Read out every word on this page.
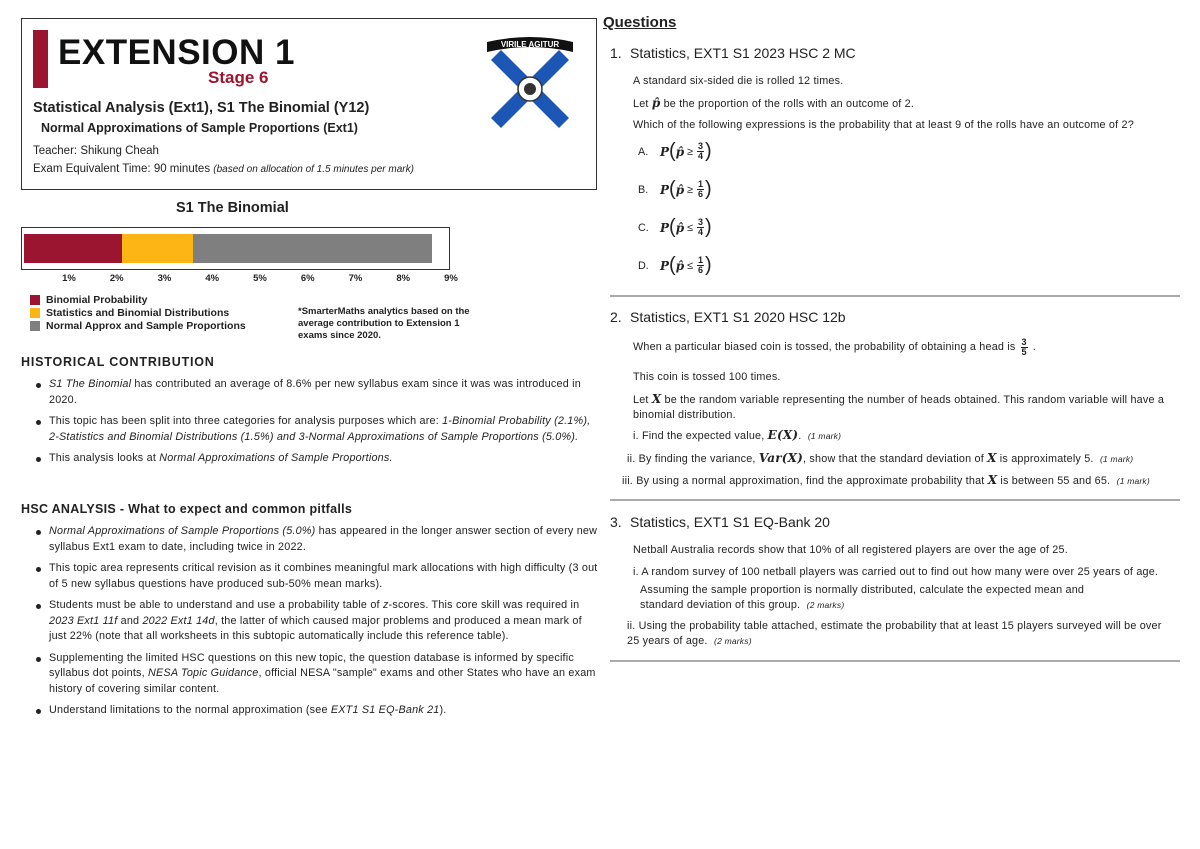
EXTENSION 1
Stage 6
Statistical Analysis (Ext1), S1 The Binomial (Y12)
Normal Approximations of Sample Proportions (Ext1)
Teacher: Shikung Cheah
Exam Equivalent Time: 90 minutes (based on allocation of 1.5 minutes per mark)
VIRILE AGITUR
S1 The Binomial
1%	2%	3%	4%	5%	6%	7%	8%	9%
Binomial Probability
Statistics and Binomial Distributions
Normal Approx and Sample Proportions
*SmarterMaths analytics based on the average contribution to Extension 1 exams since 2020.
HISTORICAL CONTRIBUTION
S1 The Binomial has contributed an average of 8.6% per new syllabus exam since it was was introduced in 2020.
This topic has been split into three categories for analysis purposes which are: 1-Binomial Probability (2.1%), 2-Statistics and Binomial Distributions (1.5%) and 3-Normal Approximations of Sample Proportions (5.0%).
This analysis looks at Normal Approximations of Sample Proportions.
HSC ANALYSIS - What to expect and common pitfalls
Normal Approximations of Sample Proportions (5.0%) has appeared in the longer answer section of every new syllabus Ext1 exam to date, including twice in 2022.
This topic area represents critical revision as it combines meaningful mark allocations with high difficulty (3 out of 5 new syllabus questions have produced sub-50% mean marks).
Students must be able to understand and use a probability table of z-scores. This core skill was required in 2023 Ext1 11f and 2022 Ext1 14d, the latter of which caused major problems and produced a mean mark of just 22% (note that all worksheets in this subtopic automatically include this reference table).
Supplementing the limited HSC questions on this new topic, the question database is informed by specific syllabus dot points, NESA Topic Guidance, official NESA "sample" exams and other States who have an exam history of covering similar content.
Understand limitations to the normal approximation (see EXT1 S1 EQ-Bank 21).
Questions
1. Statistics, EXT1 S1 2023 HSC 2 MC
A standard six-sided die is rolled 12 times.
Let p̂ be the proportion of the rolls with an outcome of 2.
Which of the following expressions is the probability that at least 9 of the rolls have an outcome of 2?
A. P ( p̂
≥
$\frac{3}{4}$ )
B. P ( p̂
≥
$\frac{1}{6}$ )
C. P ( p̂
≤
$\frac{3}{4}$ )
D. P ( p̂
≤
$\frac{1}{6}$ )
2. Statistics, EXT1 S1 2020 HSC 12b
When a particular biased coin is tossed, the probability of obtaining a head is $\frac{3}{5}$ .
This coin is tossed 100 times.
Let X be the random variable representing the number of heads obtained. This random variable will have a binomial distribution.
i. Find the expected value, E(X).  (1 mark)
ii. By finding the variance, Var(X), show that the standard deviation of X is approximately 5. (1 mark)
iii. By using a normal approximation, find the approximate probability that X is between 55 and 65. (1 mark)
3. Statistics, EXT1 S1 EQ-Bank 20
Netball Australia records show that 10% of all registered players are over the age of 25.
i. A random survey of 100 netball players was carried out to find out how many were over 25 years of age.
Assuming the sample proportion is normally distributed, calculate the expected mean and standard deviation of this group. (2 marks)
ii. Using the probability table attached, estimate the probability that at least 15 players surveyed will be over 25 years of age. (2 marks)
